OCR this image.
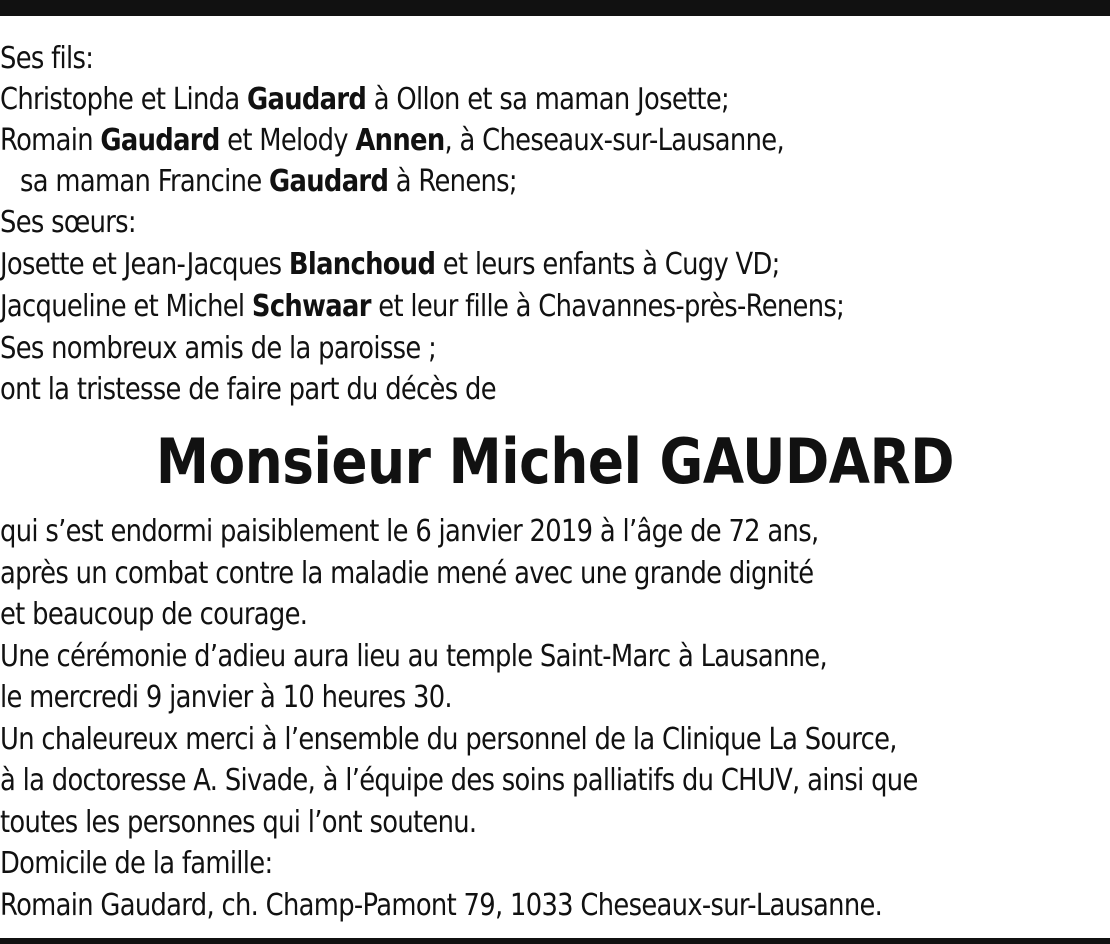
Ses fils:
Christophe et Linda Gaudard à Ollon et sa maman Josette;
Romain Gaudard et Melody Annen, à Cheseaux-sur-Lausanne,
sa maman Francine Gaudard à Renens;
Ses sœurs:
Josette et Jean-Jacques Blanchoud et leurs enfants à Cugy VD;
Jacqueline et Michel Schwaar et leur fille à Chavannes-près-Renens;
Ses nombreux amis de la paroisse ;
ont la tristesse de faire part du décès de
Monsieur Michel GAUDARD
qui s’est endormi paisiblement le 6 janvier 2019 à l’âge de 72 ans,
après un combat contre la maladie mené avec une grande dignité
et beaucoup de courage.
Une cérémonie d’adieu aura lieu au temple Saint-Marc à Lausanne,
le mercredi 9 janvier à 10 heures 30.
Un chaleureux merci à l’ensemble du personnel de la Clinique La Source,
à la doctoresse A. Sivade, à l’équipe des soins palliatifs du CHUV, ainsi que
toutes les personnes qui l’ont soutenu.
Domicile de la famille:
Romain Gaudard, ch. Champ-Pamont 79, 1033 Cheseaux-sur-Lausanne.
